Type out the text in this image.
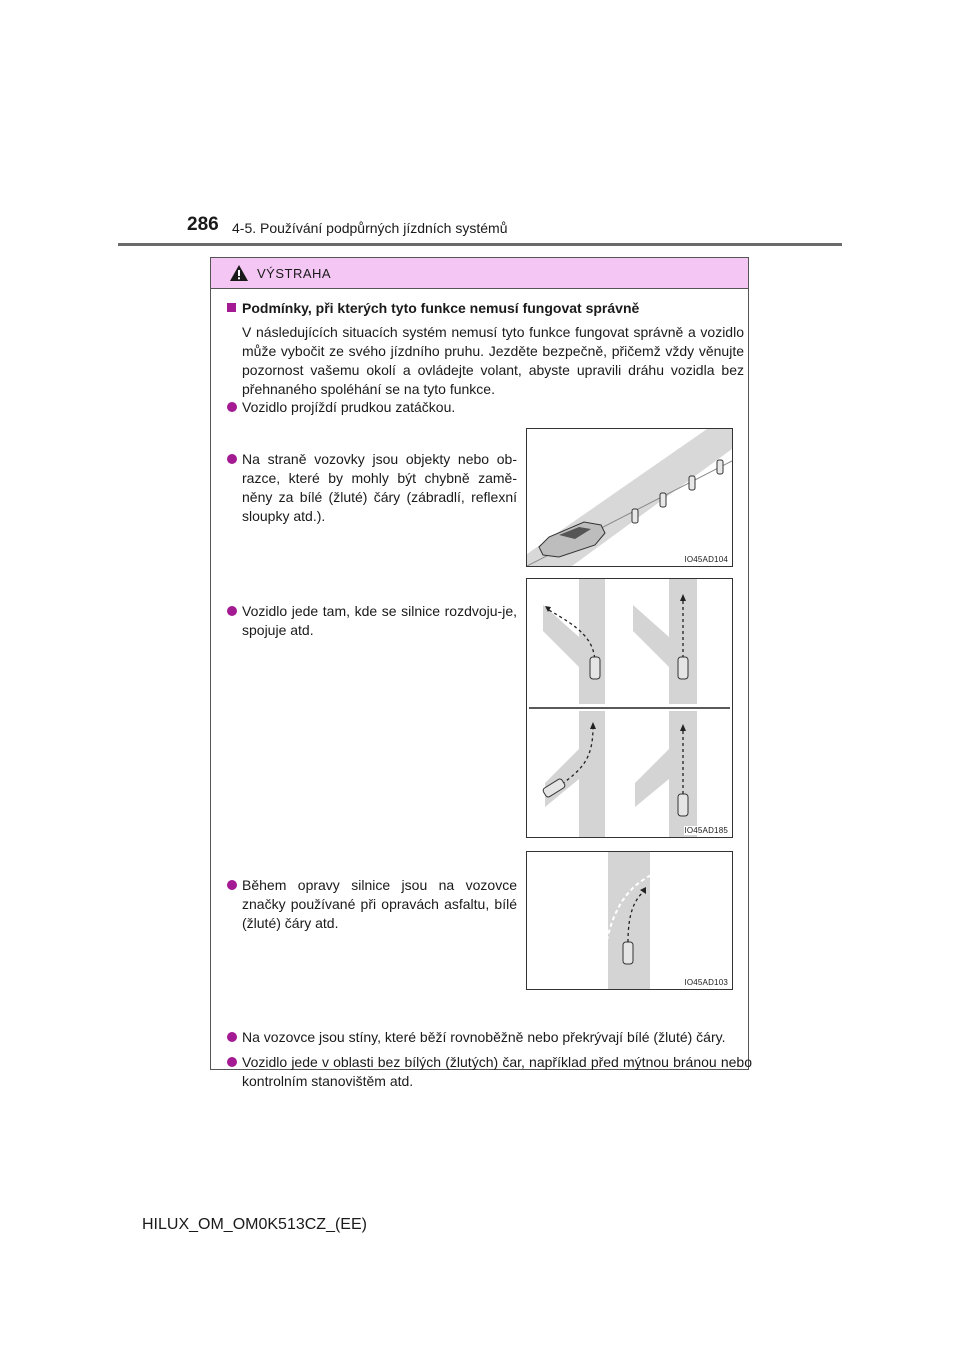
286 4-5. Používání podpůrných jízdních systémů
VÝSTRAHA
Podmínky, při kterých tyto funkce nemusí fungovat správně
V následujících situacích systém nemusí tyto funkce fungovat správně a vozidlo může vybočit ze svého jízdního pruhu. Jezděte bezpečně, přičemž vždy věnujte pozornost vašemu okolí a ovládejte volant, abyste upravili dráhu vozidla bez přehnaného spoléhání se na tyto funkce.
Vozidlo projíždí prudkou zatáčkou.
Na straně vozovky jsou objekty nebo ob-razce, které by mohly být chybně zamě-něny za bílé (žluté) čáry (zábradlí, reflexní sloupky atd.).
Vozidlo jede tam, kde se silnice rozdvoju-je, spojuje atd.
Během opravy silnice jsou na vozovce značky používané při opravách asfaltu, bílé (žluté) čáry atd.
Na vozovce jsou stíny, které běží rovnoběžně nebo překrývají bílé (žluté) čáry.
Vozidlo jede v oblasti bez bílých (žlutých) čar, například před mýtnou bránou nebo kontrolním stanovištěm atd.
IO45AD104
IO45AD185
IO45AD103
HILUX_OM_OM0K513CZ_(EE)
